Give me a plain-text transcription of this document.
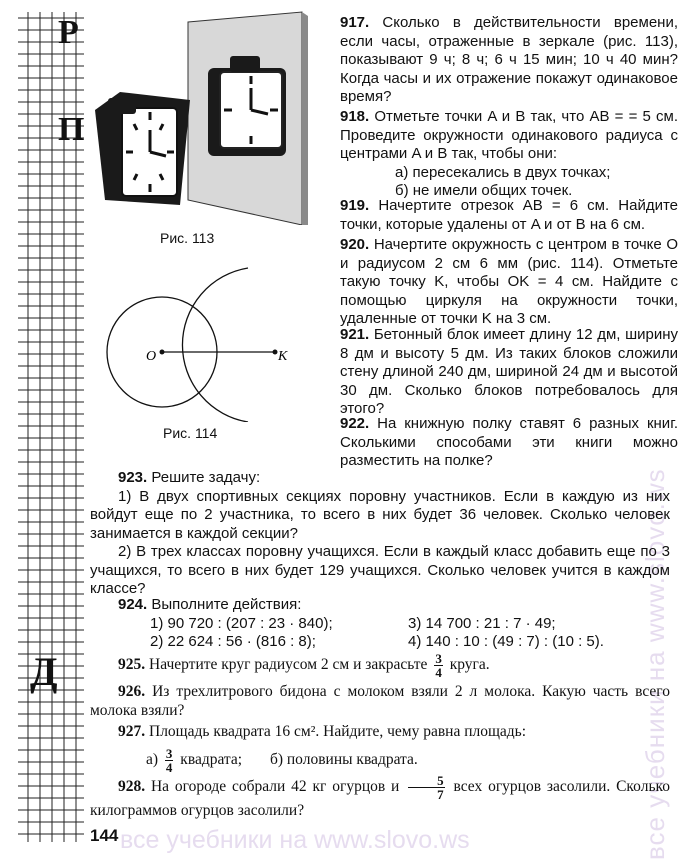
Р
П
Д	все учебники на www.slovo.ws
Рис. 113
O	K
Рис. 114

917. Сколько в действительности времени, если часы, отраженные в зеркале (рис. 113), показывают 9 ч; 8 ч; 6 ч 15 мин; 10 ч 40 мин? Когда часы и их отражение покажут одинаковое время?

918. Отметьте точки A и B так, что AB = = 5 см. Проведите окружности одинакового радиуса с центрами A и B так, чтобы они:

а) пересекались в двух точках;

б) не имели общих точек.

919. Начертите отрезок AB = 6 см. Найдите точки, которые удалены от A и от B на 6 см.

920. Начертите окружность с центром в точке O и радиусом 2 см 6 мм (рис. 114). Отметьте такую точку K, чтобы OK = 4 см. Найдите с помощью циркуля на окружности точки, удаленные от точки K на 3 см.

921. Бетонный блок имеет длину 12 дм, ширину 8 дм и высоту 5 дм. Из таких блоков сложили стену длиной 240 дм, шириной 24 дм и высотой 30 дм. Сколько блоков потребовалось для этого?

922. На книжную полку ставят 6 разных книг. Сколькими способами эти книги можно разместить на полке?

923. Решите задачу:

1) В двух спортивных секциях поровну участников. Если в каждую из них войдут еще по 2 участника, то всего в них будет 36 человек. Сколько человек занимается в каждой секции?

2) В трех классах поровну учащихся. Если в каждый класс добавить еще по 3 учащихся, то всего в них будет 129 учащихся. Сколько человек учится в каждом классе?

924. Выполните действия:

1) 90 720 : (207 : 23 · 840);
2) 22 624 : 56 · (816 : 8);
3) 14 700 : 21 : 7 · 49;
4) 140 : 10 : (49 : 7) : (10 : 5).

925. Начертите круг радиусом 2 см и закрасьте $\frac{3}{4}$ круга.

926. Из трехлитрового бидона с молоком взяли 2 л молока. Какую часть всего молока взяли?

927. Площадь квадрата 16 см². Найдите, чему равна площадь:

$а) \frac{3}{4}$ квадрата; б) половины квадрата.

928. На огороде собрали 42 кг огурцов и $\frac{5}{7}$ всех огурцов засолили. Сколько килограммов огурцов засолили?

144 все учебники на www.slovo.ws
